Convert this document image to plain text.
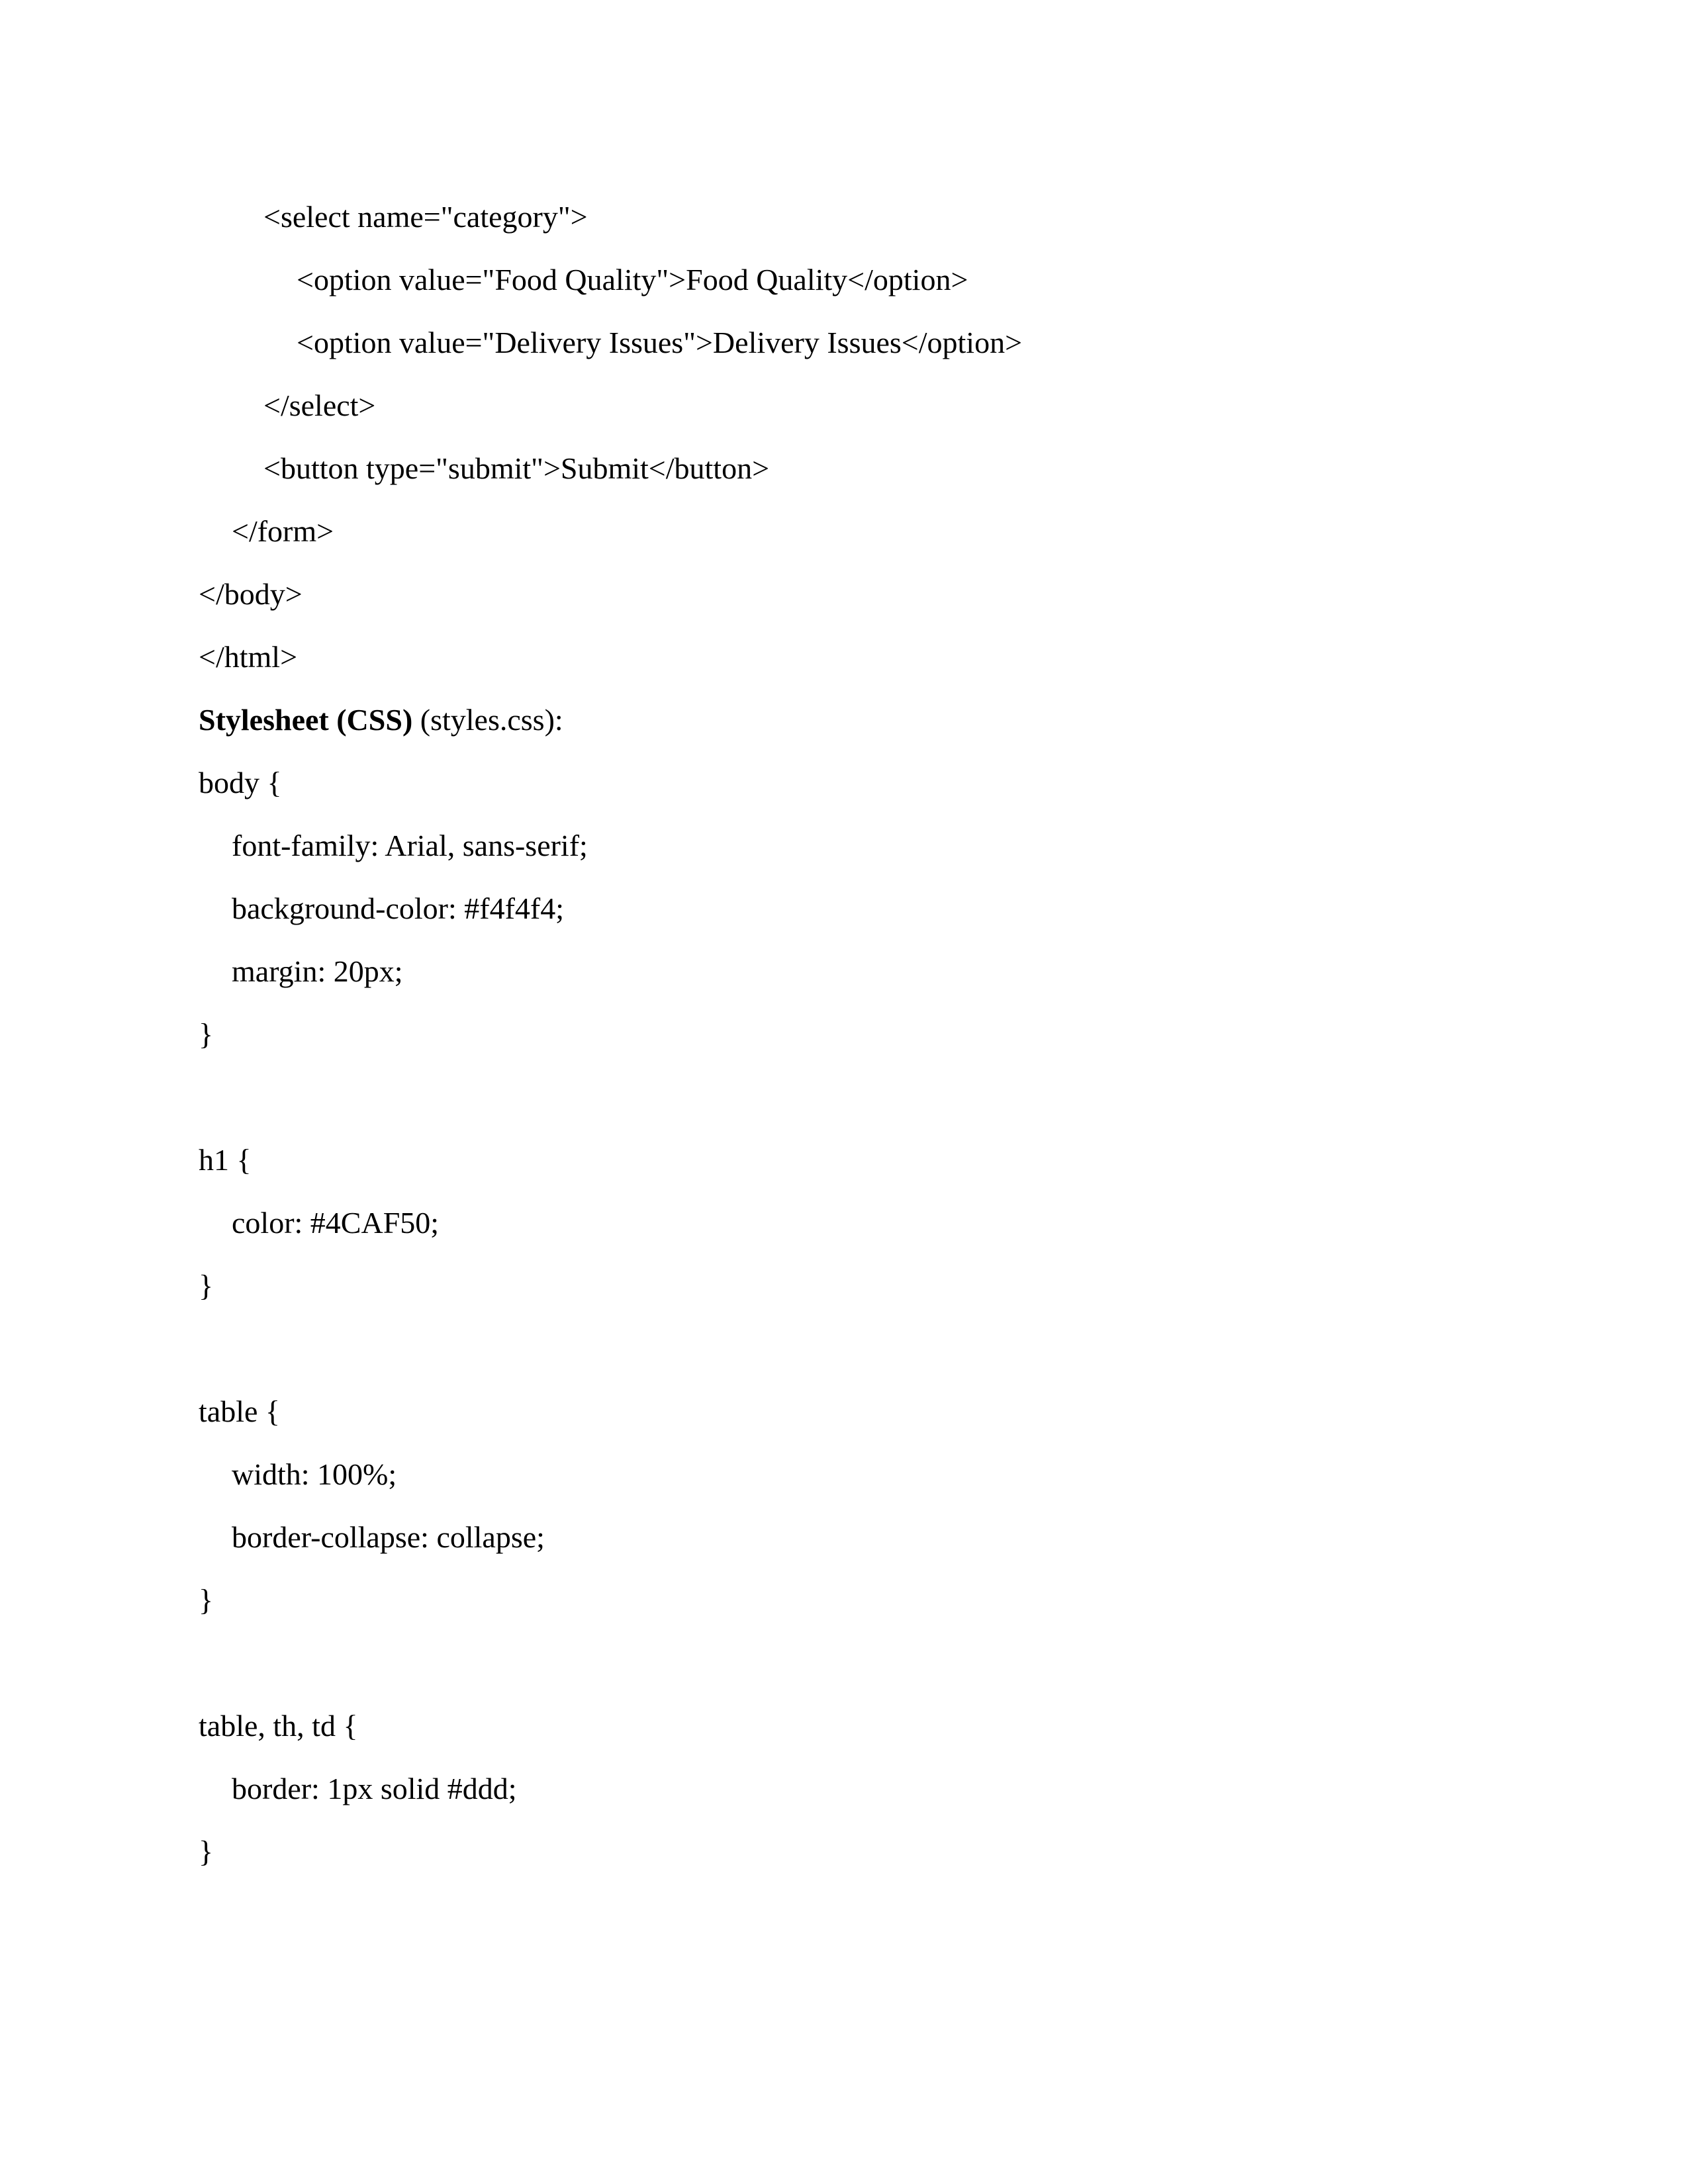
<select name="category">
<option value="Food Quality">Food Quality</option>
<option value="Delivery Issues">Delivery Issues</option>
</select>
<button type="submit">Submit</button>
</form>
</body>
</html>
Stylesheet (CSS) (styles.css):
body {
font-family: Arial, sans-serif;
background-color: #f4f4f4;
margin: 20px;
}
h1 {
color: #4CAF50;
}
table {
width: 100%;
border-collapse: collapse;
}
table, th, td {
border: 1px solid #ddd;
}
